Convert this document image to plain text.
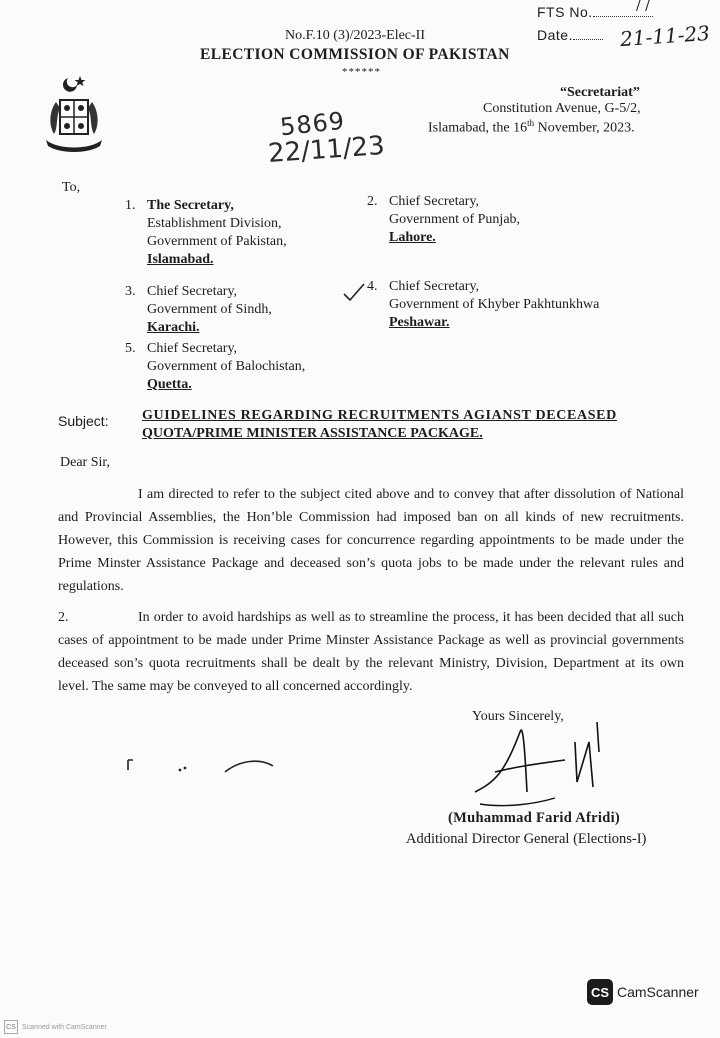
FTS No.	/ /
Date.	21-11-23
No.F.10 (3)/2023-Elec-II
ELECTION COMMISSION OF PAKISTAN
******
“Secretariat”
Constitution Avenue, G-5/2,
Islamabad, the 16th November, 2023.
5869
22/11/23
To,
1. The Secretary,
Establishment Division,
Government of Pakistan,
Islamabad.
2. Chief Secretary,
Government of Punjab,
Lahore.
3. Chief Secretary,
Government of Sindh,
Karachi.
4. Chief Secretary,
Government of Khyber Pakhtunkhwa
Peshawar.
5. Chief Secretary,
Government of Balochistan,
Quetta.
Subject: GUIDELINES REGARDING RECRUITMENTS AGIANST DECEASED
QUOTA/PRIME MINISTER ASSISTANCE PACKAGE.
Dear Sir,
I am directed to refer to the subject cited above and to convey that after dissolution of National and Provincial Assemblies, the Hon’ble Commission had imposed ban on all kinds of new recruitments. However, this Commission is receiving cases for concurrence regarding appointments to be made under the Prime Minster Assistance Package and deceased son’s quota jobs to be made under the relevant rules and regulations.
2.	In order to avoid hardships as well as to streamline the process, it has been decided that all such cases of appointment to be made under Prime Minster Assistance Package as well as provincial governments deceased son’s quota recruitments shall be dealt by the relevant Ministry, Division, Department at its own level. The same may be conveyed to all concerned accordingly.
Yours Sincerely,
(Muhammad Farid Afridi)
Additional Director General (Elections-I)
CS CamScanner
CS Scanned with CamScanner
